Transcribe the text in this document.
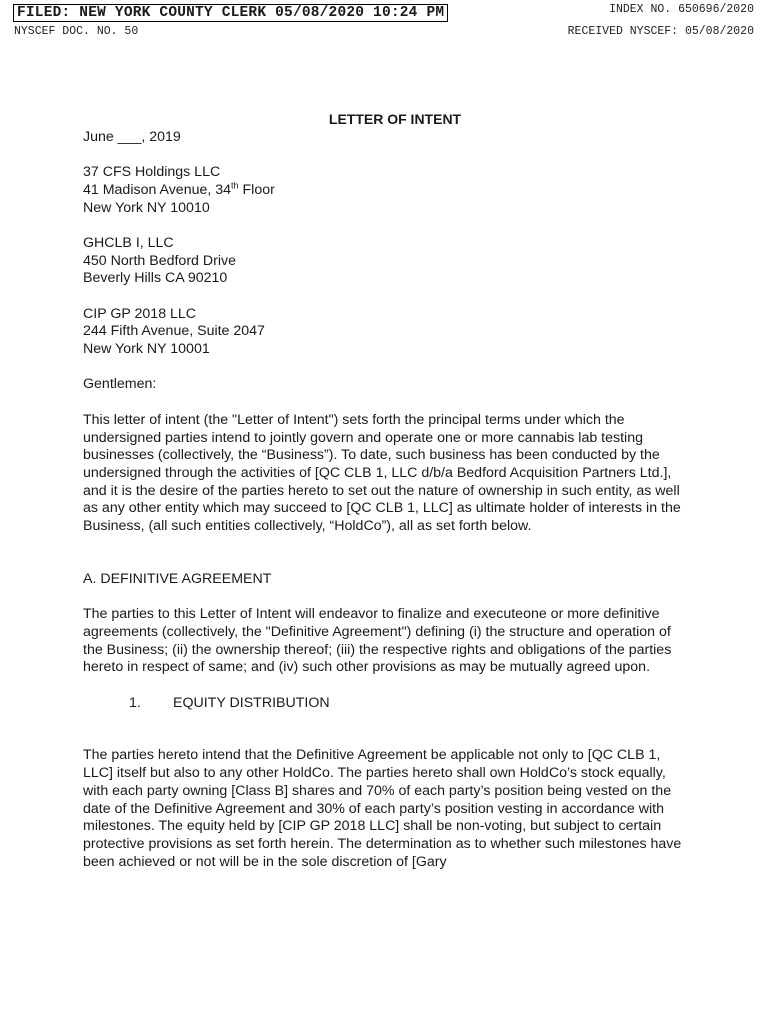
FILED: NEW YORK COUNTY CLERK 05/08/2020 10:24 PM	INDEX NO. 650696/2020
NYSCEF DOC. NO. 50	RECEIVED NYSCEF: 05/08/2020
LETTER OF INTENT
June ___, 2019
37 CFS Holdings LLC
41 Madison Avenue, 34th Floor
New York NY 10010
GHCLB I, LLC
450 North Bedford Drive
Beverly Hills CA 90210
CIP GP 2018 LLC
244 Fifth Avenue, Suite 2047
New York NY 10001
Gentlemen:
This letter of intent (the "Letter of Intent") sets forth the principal terms under which the undersigned parties intend to jointly govern and operate one or more cannabis lab testing businesses (collectively, the “Business”). To date, such business has been conducted by the undersigned through the activities of [QC CLB 1, LLC d/b/a Bedford Acquisition Partners Ltd.], and it is the desire of the parties hereto to set out the nature of ownership in such entity, as well as any other entity which may succeed to [QC CLB 1, LLC] as ultimate holder of interests in the Business, (all such entities collectively, “HoldCo”), all as set forth below.
A. DEFINITIVE AGREEMENT
The parties to this Letter of Intent will endeavor to finalize and executeone or more definitive agreements (collectively, the "Definitive Agreement") defining (i) the structure and operation of the Business; (ii) the ownership thereof; (iii) the respective rights and obligations of the parties hereto in respect of same; and (iv) such other provisions as may be mutually agreed upon.
1. EQUITY DISTRIBUTION
The parties hereto intend that the Definitive Agreement be applicable not only to [QC CLB 1, LLC] itself but also to any other HoldCo. The parties hereto shall own HoldCo’s stock equally, with each party owning [Class B] shares and 70% of each party’s position being vested on the date of the Definitive Agreement and 30% of each party’s position vesting in accordance with milestones. The equity held by [CIP GP 2018 LLC] shall be non-voting, but subject to certain protective provisions as set forth herein. The determination as to whether such milestones have been achieved or not will be in the sole discretion of [Gary
